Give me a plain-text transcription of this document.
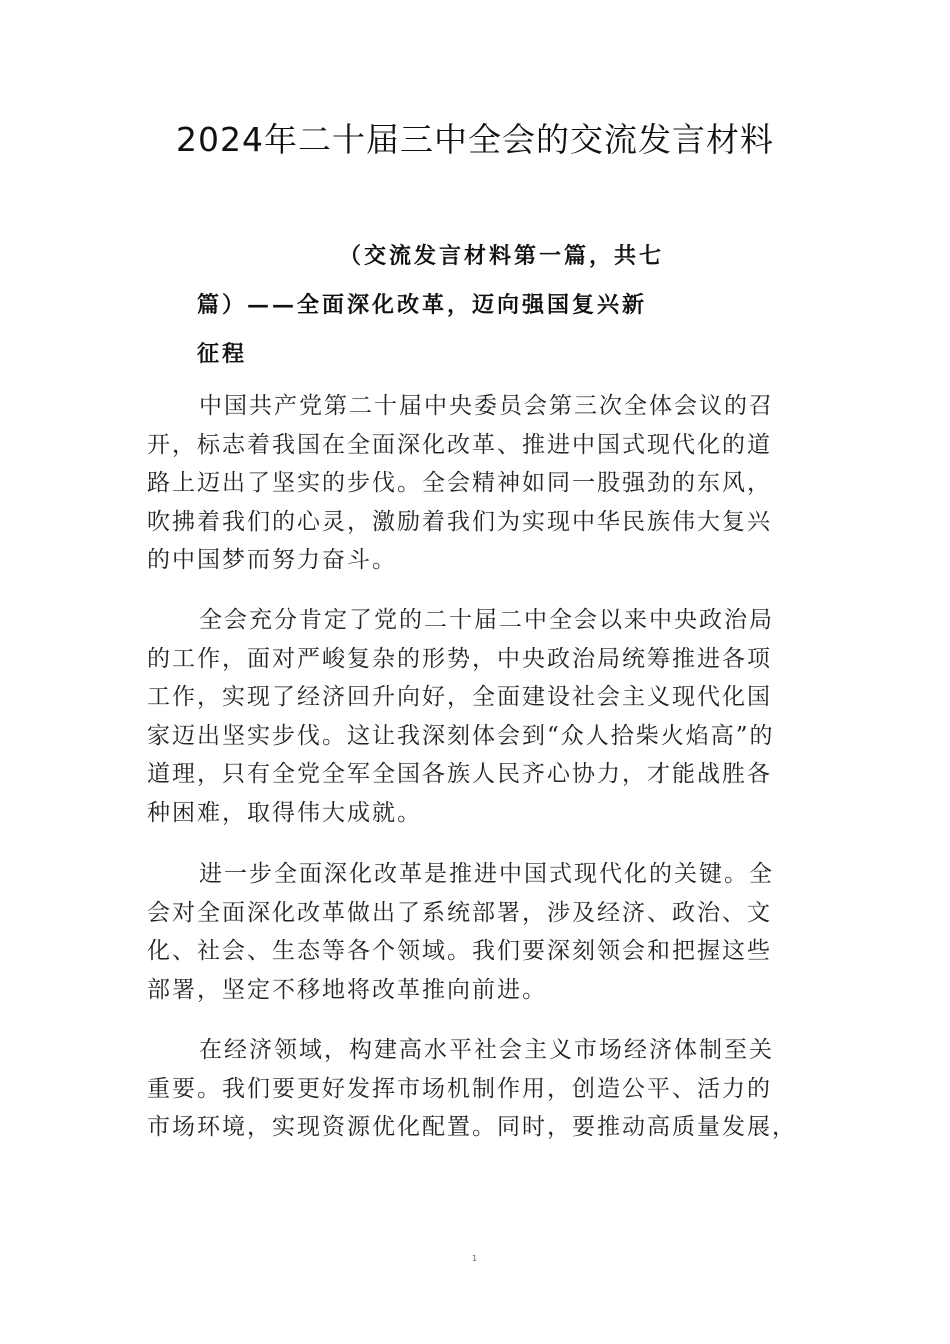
2024年二十届三中全会的交流发言材料
（交流发言材料第一篇，共七
篇）——全面深化改革，迈向强国复兴新
征程
中国共产党第二十届中央委员会第三次全体会议的召
开，标志着我国在全面深化改革、推进中国式现代化的道
路上迈出了坚实的步伐。全会精神如同一股强劲的东风，
吹拂着我们的心灵，激励着我们为实现中华民族伟大复兴
的中国梦而努力奋斗。
全会充分肯定了党的二十届二中全会以来中央政治局
的工作，面对严峻复杂的形势，中央政治局统筹推进各项
工作，实现了经济回升向好，全面建设社会主义现代化国
家迈出坚实步伐。这让我深刻体会到“众人拾柴火焰高”的
道理，只有全党全军全国各族人民齐心协力，才能战胜各
种困难，取得伟大成就。
进一步全面深化改革是推进中国式现代化的关键。全
会对全面深化改革做出了系统部署，涉及经济、政治、文
化、社会、生态等各个领域。我们要深刻领会和把握这些
部署，坚定不移地将改革推向前进。
在经济领域，构建高水平社会主义市场经济体制至关
重要。我们要更好发挥市场机制作用，创造公平、活力的
市场环境，实现资源优化配置。同时，要推动高质量发展，
1
